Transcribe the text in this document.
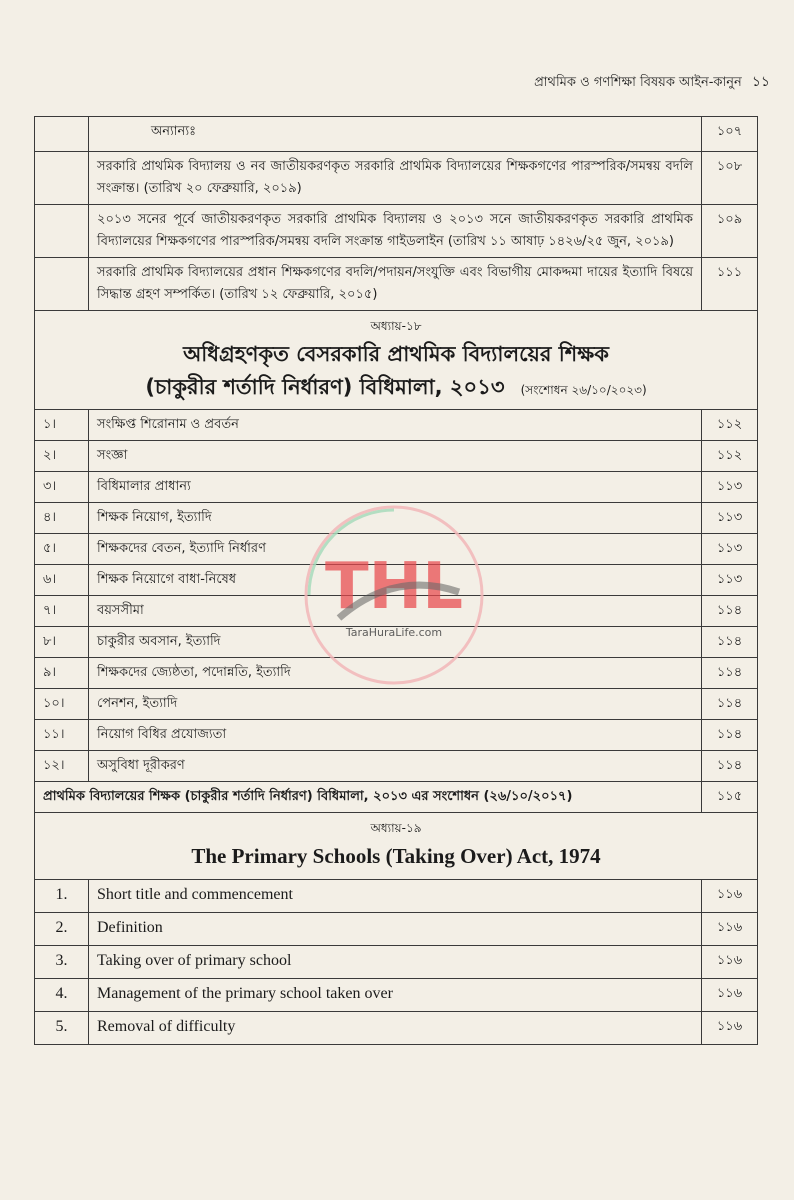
প্রাথমিক ও গণশিক্ষা বিষয়ক আইন-কানুন ১১
	অন্যান্যঃ	১০৭
	সরকারি প্রাথমিক বিদ্যালয় ও নব জাতীয়করণকৃত সরকারি প্রাথমিক বিদ্যালয়ের শিক্ষকগণের পারস্পরিক/সমন্বয় বদলি সংক্রান্ত। (তারিখ ২০ ফেব্রুয়ারি, ২০১৯)	১০৮
	২০১৩ সনের পূর্বে জাতীয়করণকৃত সরকারি প্রাথমিক বিদ্যালয় ও ২০১৩ সনে জাতীয়করণকৃত সরকারি প্রাথমিক বিদ্যালয়ের শিক্ষকগণের পারস্পরিক/সমন্বয় বদলি সংক্রান্ত গাইডলাইন (তারিখ ১১ আষাঢ় ১৪২৬/২৫ জুন, ২০১৯)	১০৯
	সরকারি প্রাথমিক বিদ্যালয়ের প্রধান শিক্ষকগণের বদলি/পদায়ন/সংযুক্তি এবং বিভাগীয় মোকদ্দমা দায়ের ইত্যাদি বিষয়ে সিদ্ধান্ত গ্রহণ সম্পর্কিত। (তারিখ ১২ ফেব্রুয়ারি, ২০১৫)	১১১
অধ্যায়-১৮		
অধিগ্রহণকৃত বেসরকারি প্রাথমিক বিদ্যালয়ের শিক্ষক		
(চাকুরীর শর্তাদি নির্ধারণ) বিধিমালা, ২০১৩ (সংশোধন ২৬/১০/২০২৩)		
১।	সংক্ষিপ্ত শিরোনাম ও প্রবর্তন	১১২
২।	সংজ্ঞা	১১২
৩।	বিধিমালার প্রাধান্য	১১৩
৪।	শিক্ষক নিয়োগ, ইত্যাদি	১১৩
৫।	শিক্ষকদের বেতন, ইত্যাদি নির্ধারণ	১১৩
৬।	শিক্ষক নিয়োগে বাধা-নিষেধ	১১৩
৭।	বয়সসীমা	১১৪
৮।	চাকুরীর অবসান, ইত্যাদি	১১৪
৯।	শিক্ষকদের জ্যেষ্ঠতা, পদোন্নতি, ইত্যাদি	১১৪
১০।	পেনশন, ইত্যাদি	১১৪
১১।	নিয়োগ বিধির প্রযোজ্যতা	১১৪
১২।	অসুবিধা দূরীকরণ	১১৪
প্রাথমিক বিদ্যালয়ের শিক্ষক (চাকুরীর শর্তাদি নির্ধারণ) বিধিমালা, ২০১৩ এর সংশোধন (২৬/১০/২০১৭)		১১৫
অধ্যায়-১৯		
The Primary Schools (Taking Over) Act, 1974		
1.	Short title and commencement	১১৬
2.	Definition	১১৬
3.	Taking over of primary school	১১৬
4.	Management of the primary school taken over	১১৬
5.	Removal of difficulty	১১৬
THL
TaraHuraLife.com
